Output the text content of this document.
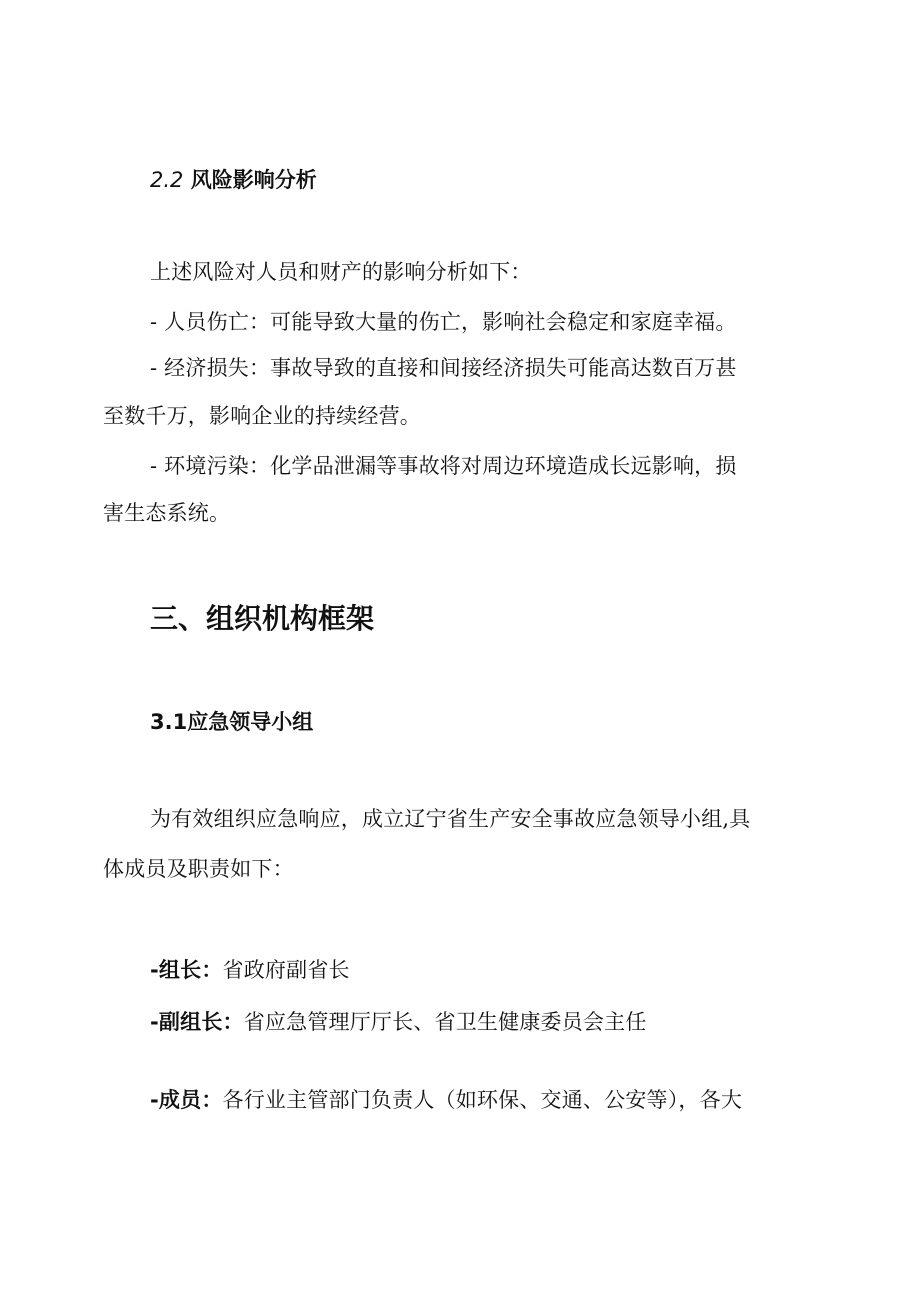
2.2 风险影响分析
上述风险对人员和财产的影响分析如下：
- 人员伤亡：可能导致大量的伤亡，影响社会稳定和家庭幸福。
- 经济损失：事故导致的直接和间接经济损失可能高达数百万甚
至数千万，影响企业的持续经营。
- 环境污染：化学品泄漏等事故将对周边环境造成长远影响，损
害生态系统。
三、组织机构框架
3.1应急领导小组
为有效组织应急响应，成立辽宁省生产安全事故应急领导小组,具
体成员及职责如下：
-组长：省政府副省长
-副组长：省应急管理厅厅长、省卫生健康委员会主任
-成员：各行业主管部门负责人（如环保、交通、公安等），各大
